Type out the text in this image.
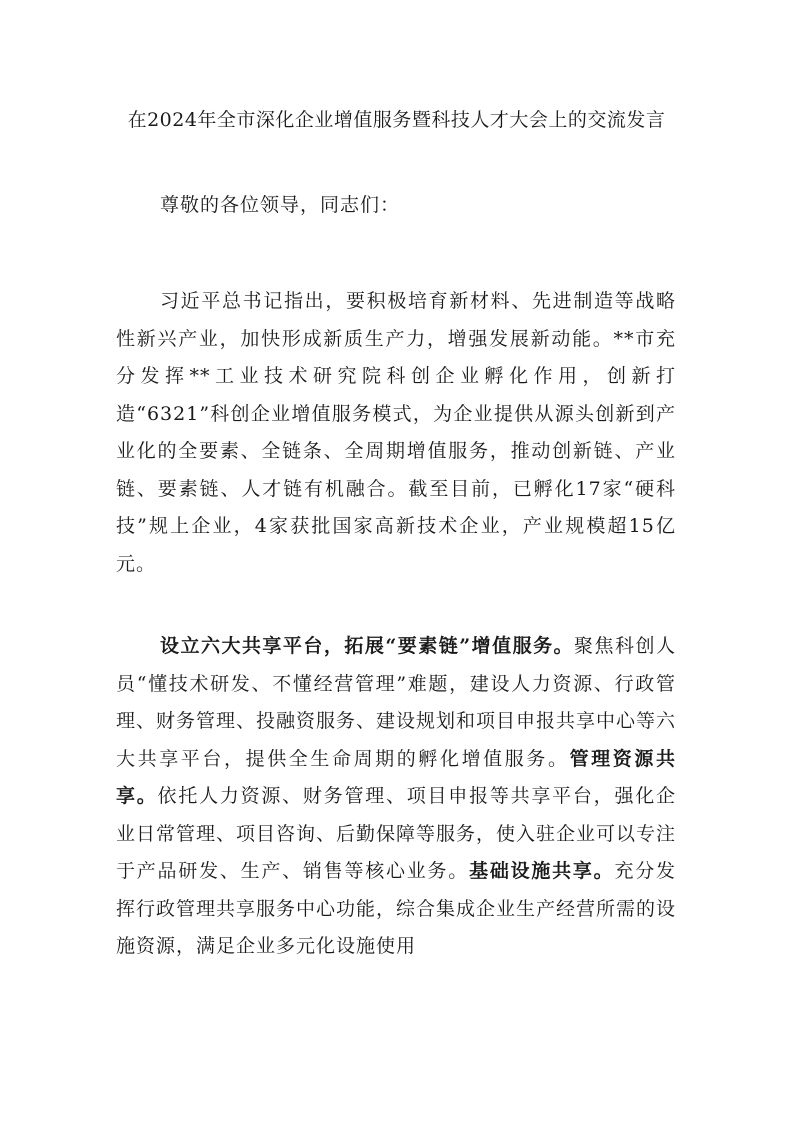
在2024年全市深化企业增值服务暨科技人才大会上的交流发言
尊敬的各位领导，同志们：
习近平总书记指出，要积极培育新材料、先进制造等战略性新兴产业，加快形成新质生产力，增强发展新动能。**市充分发挥**工业技术研究院科创企业孵化作用，创新打造“6321”科创企业增值服务模式，为企业提供从源头创新到产业化的全要素、全链条、全周期增值服务，推动创新链、产业链、要素链、人才链有机融合。截至目前，已孵化17家“硬科技”规上企业，4家获批国家高新技术企业，产业规模超15亿元。
设立六大共享平台，拓展“要素链”增值服务。聚焦科创人员“懂技术研发、不懂经营管理”难题，建设人力资源、行政管理、财务管理、投融资服务、建设规划和项目申报共享中心等六大共享平台，提供全生命周期的孵化增值服务。管理资源共享。依托人力资源、财务管理、项目申报等共享平台，强化企业日常管理、项目咨询、后勤保障等服务，使入驻企业可以专注于产品研发、生产、销售等核心业务。基础设施共享。充分发挥行政管理共享服务中心功能，综合集成企业生产经营所需的设施资源，满足企业多元化设施使用
